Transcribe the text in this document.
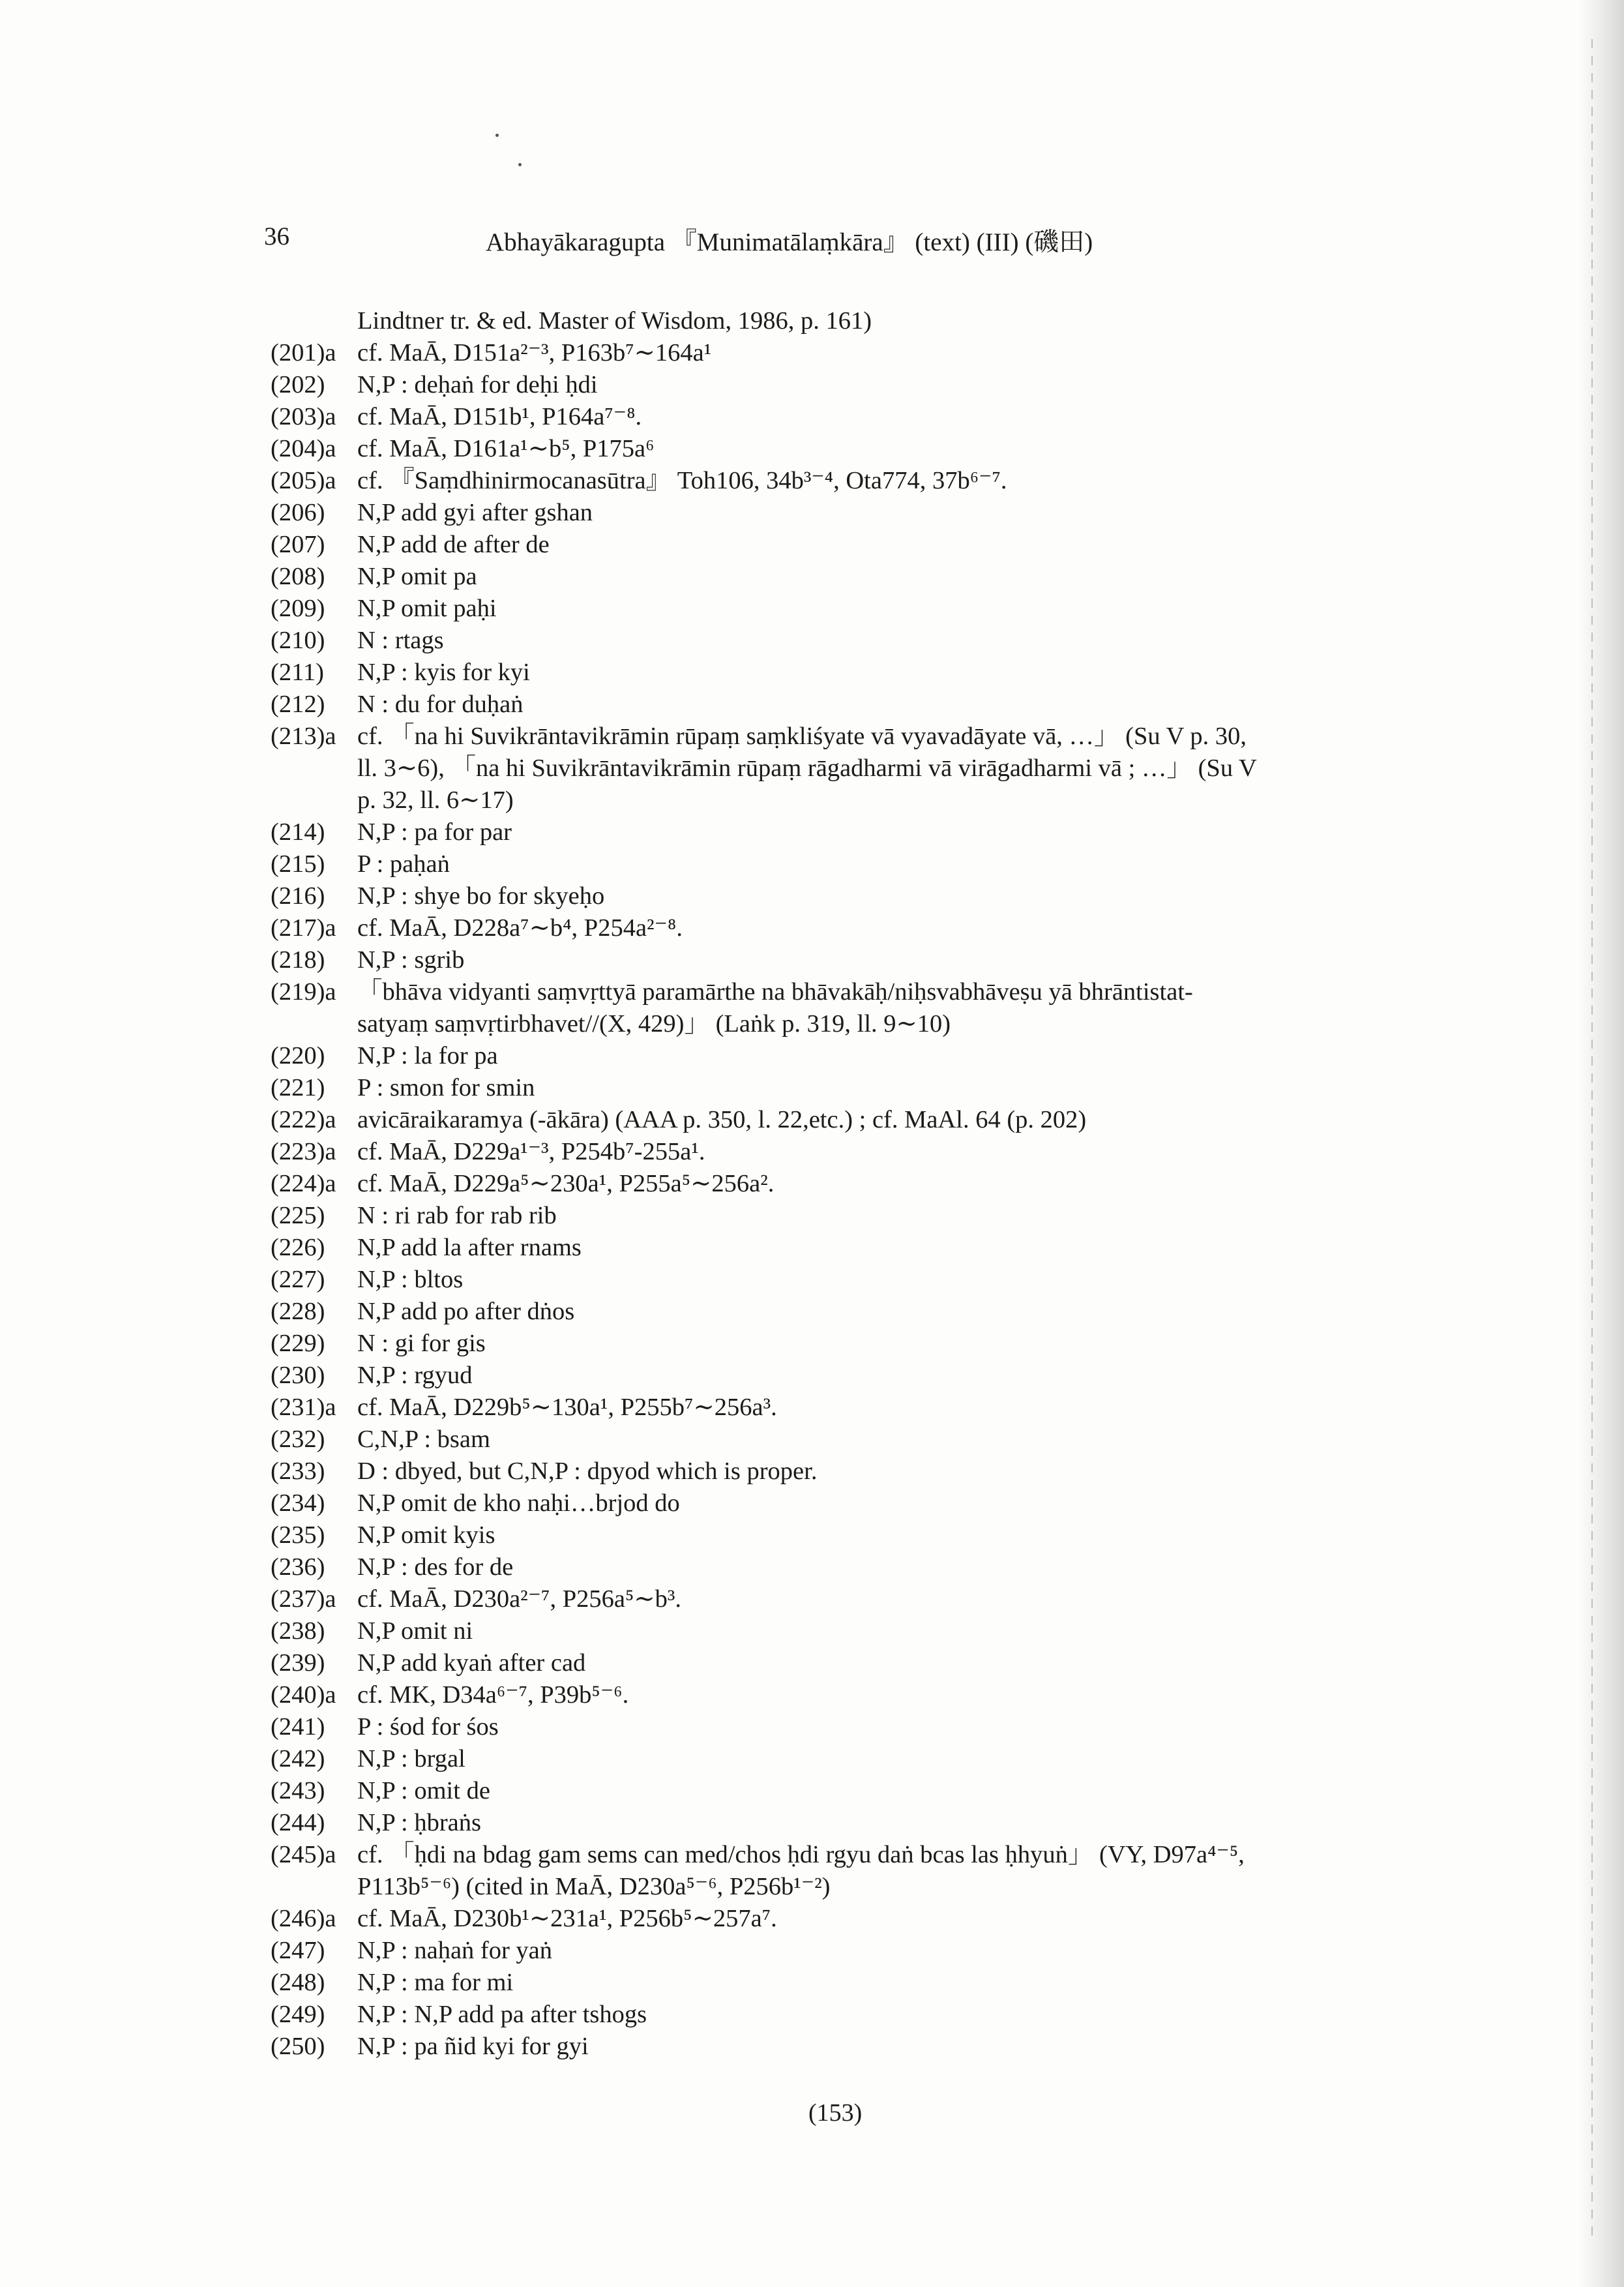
36	Abhayākaragupta 『Munimatālaṃkāra』 (text) (III) (磯田)
Lindtner tr. & ed. Master of Wisdom, 1986, p. 161)
(201)a cf. MaĀ, D151a²⁻³, P163b⁷∼164a¹
(202) N,P : deḥaṅ for deḥi ḥdi
(203)a cf. MaĀ, D151b¹, P164a⁷⁻⁸.
(204)a cf. MaĀ, D161a¹∼b⁵, P175a⁶
(205)a cf. 『Saṃdhinirmocanasūtra』 Toh106, 34b³⁻⁴, Ota774, 37b⁶⁻⁷.
(206) N,P add gyi after gshan
(207) N,P add de after de
(208) N,P omit pa
(209) N,P omit paḥi
(210) N : rtags
(211) N,P : kyis for kyi
(212) N : du for duḥaṅ
(213)a cf. 「na hi Suvikrāntavikrāmin rūpaṃ saṃkliśyate vā vyavadāyate vā, …」 (Su V p. 30,
ll. 3∼6), 「na hi Suvikrāntavikrāmin rūpaṃ rāgadharmi vā virāgadharmi vā ; …」 (Su V
p. 32, ll. 6∼17)
(214) N,P : pa for par
(215) P : paḥaṅ
(216) N,P : shye bo for skyeḥo
(217)a cf. MaĀ, D228a⁷∼b⁴, P254a²⁻⁸.
(218) N,P : sgrib
(219)a 「bhāva vidyanti saṃvṛttyā paramārthe na bhāvakāḥ/niḥsvabhāveṣu yā bhrāntistat-
satyaṃ saṃvṛtirbhavet//(X, 429)」 (Laṅk p. 319, ll. 9∼10)
(220) N,P : la for pa
(221) P : smon for smin
(222)a avicāraikaramya (-ākāra) (AAA p. 350, l. 22,etc.) ; cf. MaAl. 64 (p. 202)
(223)a cf. MaĀ, D229a¹⁻³, P254b⁷-255a¹.
(224)a cf. MaĀ, D229a⁵∼230a¹, P255a⁵∼256a².
(225) N : ri rab for rab rib
(226) N,P add la after rnams
(227) N,P : bltos
(228) N,P add po after dṅos
(229) N : gi for gis
(230) N,P : rgyud
(231)a cf. MaĀ, D229b⁵∼130a¹, P255b⁷∼256a³.
(232) C,N,P : bsam
(233) D : dbyed, but C,N,P : dpyod which is proper.
(234) N,P omit de kho naḥi…brjod do
(235) N,P omit kyis
(236) N,P : des for de
(237)a cf. MaĀ, D230a²⁻⁷, P256a⁵∼b³.
(238) N,P omit ni
(239) N,P add kyaṅ after cad
(240)a cf. MK, D34a⁶⁻⁷, P39b⁵⁻⁶.
(241) P : śod for śos
(242) N,P : brgal
(243) N,P : omit de
(244) N,P : ḥbraṅs
(245)a cf. 「ḥdi na bdag gam sems can med/chos ḥdi rgyu daṅ bcas las ḥhyuṅ」 (VY, D97a⁴⁻⁵,
P113b⁵⁻⁶) (cited in MaĀ, D230a⁵⁻⁶, P256b¹⁻²)
(246)a cf. MaĀ, D230b¹∼231a¹, P256b⁵∼257a⁷.
(247) N,P : naḥaṅ for yaṅ
(248) N,P : ma for mi
(249) N,P : N,P add pa after tshogs
(250) N,P : pa ñid kyi for gyi
(153)
